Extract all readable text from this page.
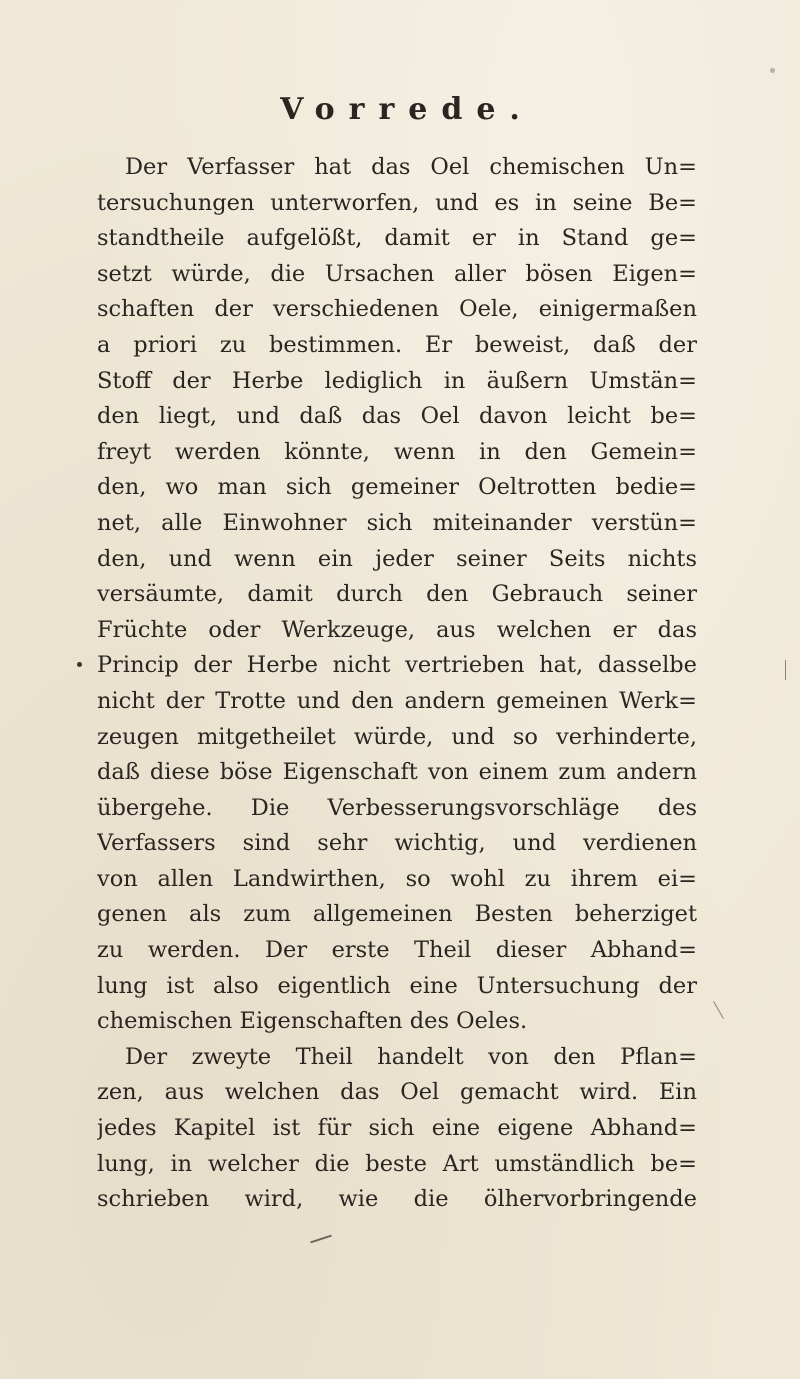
Vorrede.
Der Verfasser hat das Oel chemischen Un=
tersuchungen unterworfen, und es in seine Be=
standtheile aufgelößt, damit er in Stand ge=
setzt würde, die Ursachen aller bösen Eigen=
schaften der verschiedenen Oele, einigermaßen
a priori zu bestimmen. Er beweist, daß der
Stoff der Herbe lediglich in äußern Umstän=
den liegt, und daß das Oel davon leicht be=
freyt werden könnte, wenn in den Gemein=
den, wo man sich gemeiner Oeltrotten bedie=
net, alle Einwohner sich miteinander verstün=
den, und wenn ein jeder seiner Seits nichts
versäumte, damit durch den Gebrauch seiner
Früchte oder Werkzeuge, aus welchen er das
Princip der Herbe nicht vertrieben hat, dasselbe
nicht der Trotte und den andern gemeinen Werk=
zeugen mitgetheilet würde, und so verhinderte,
daß diese böse Eigenschaft von einem zum andern
übergehe. Die Verbesserungsvorschläge des
Verfassers sind sehr wichtig, und verdienen
von allen Landwirthen, so wohl zu ihrem ei=
genen als zum allgemeinen Besten beherziget
zu werden. Der erste Theil dieser Abhand=
lung ist also eigentlich eine Untersuchung der
chemischen Eigenschaften des Oeles.
Der zweyte Theil handelt von den Pflan=
zen, aus welchen das Oel gemacht wird. Ein
jedes Kapitel ist für sich eine eigene Abhand=
lung, in welcher die beste Art umständlich be=
schrieben wird, wie die ölhervorbringende
